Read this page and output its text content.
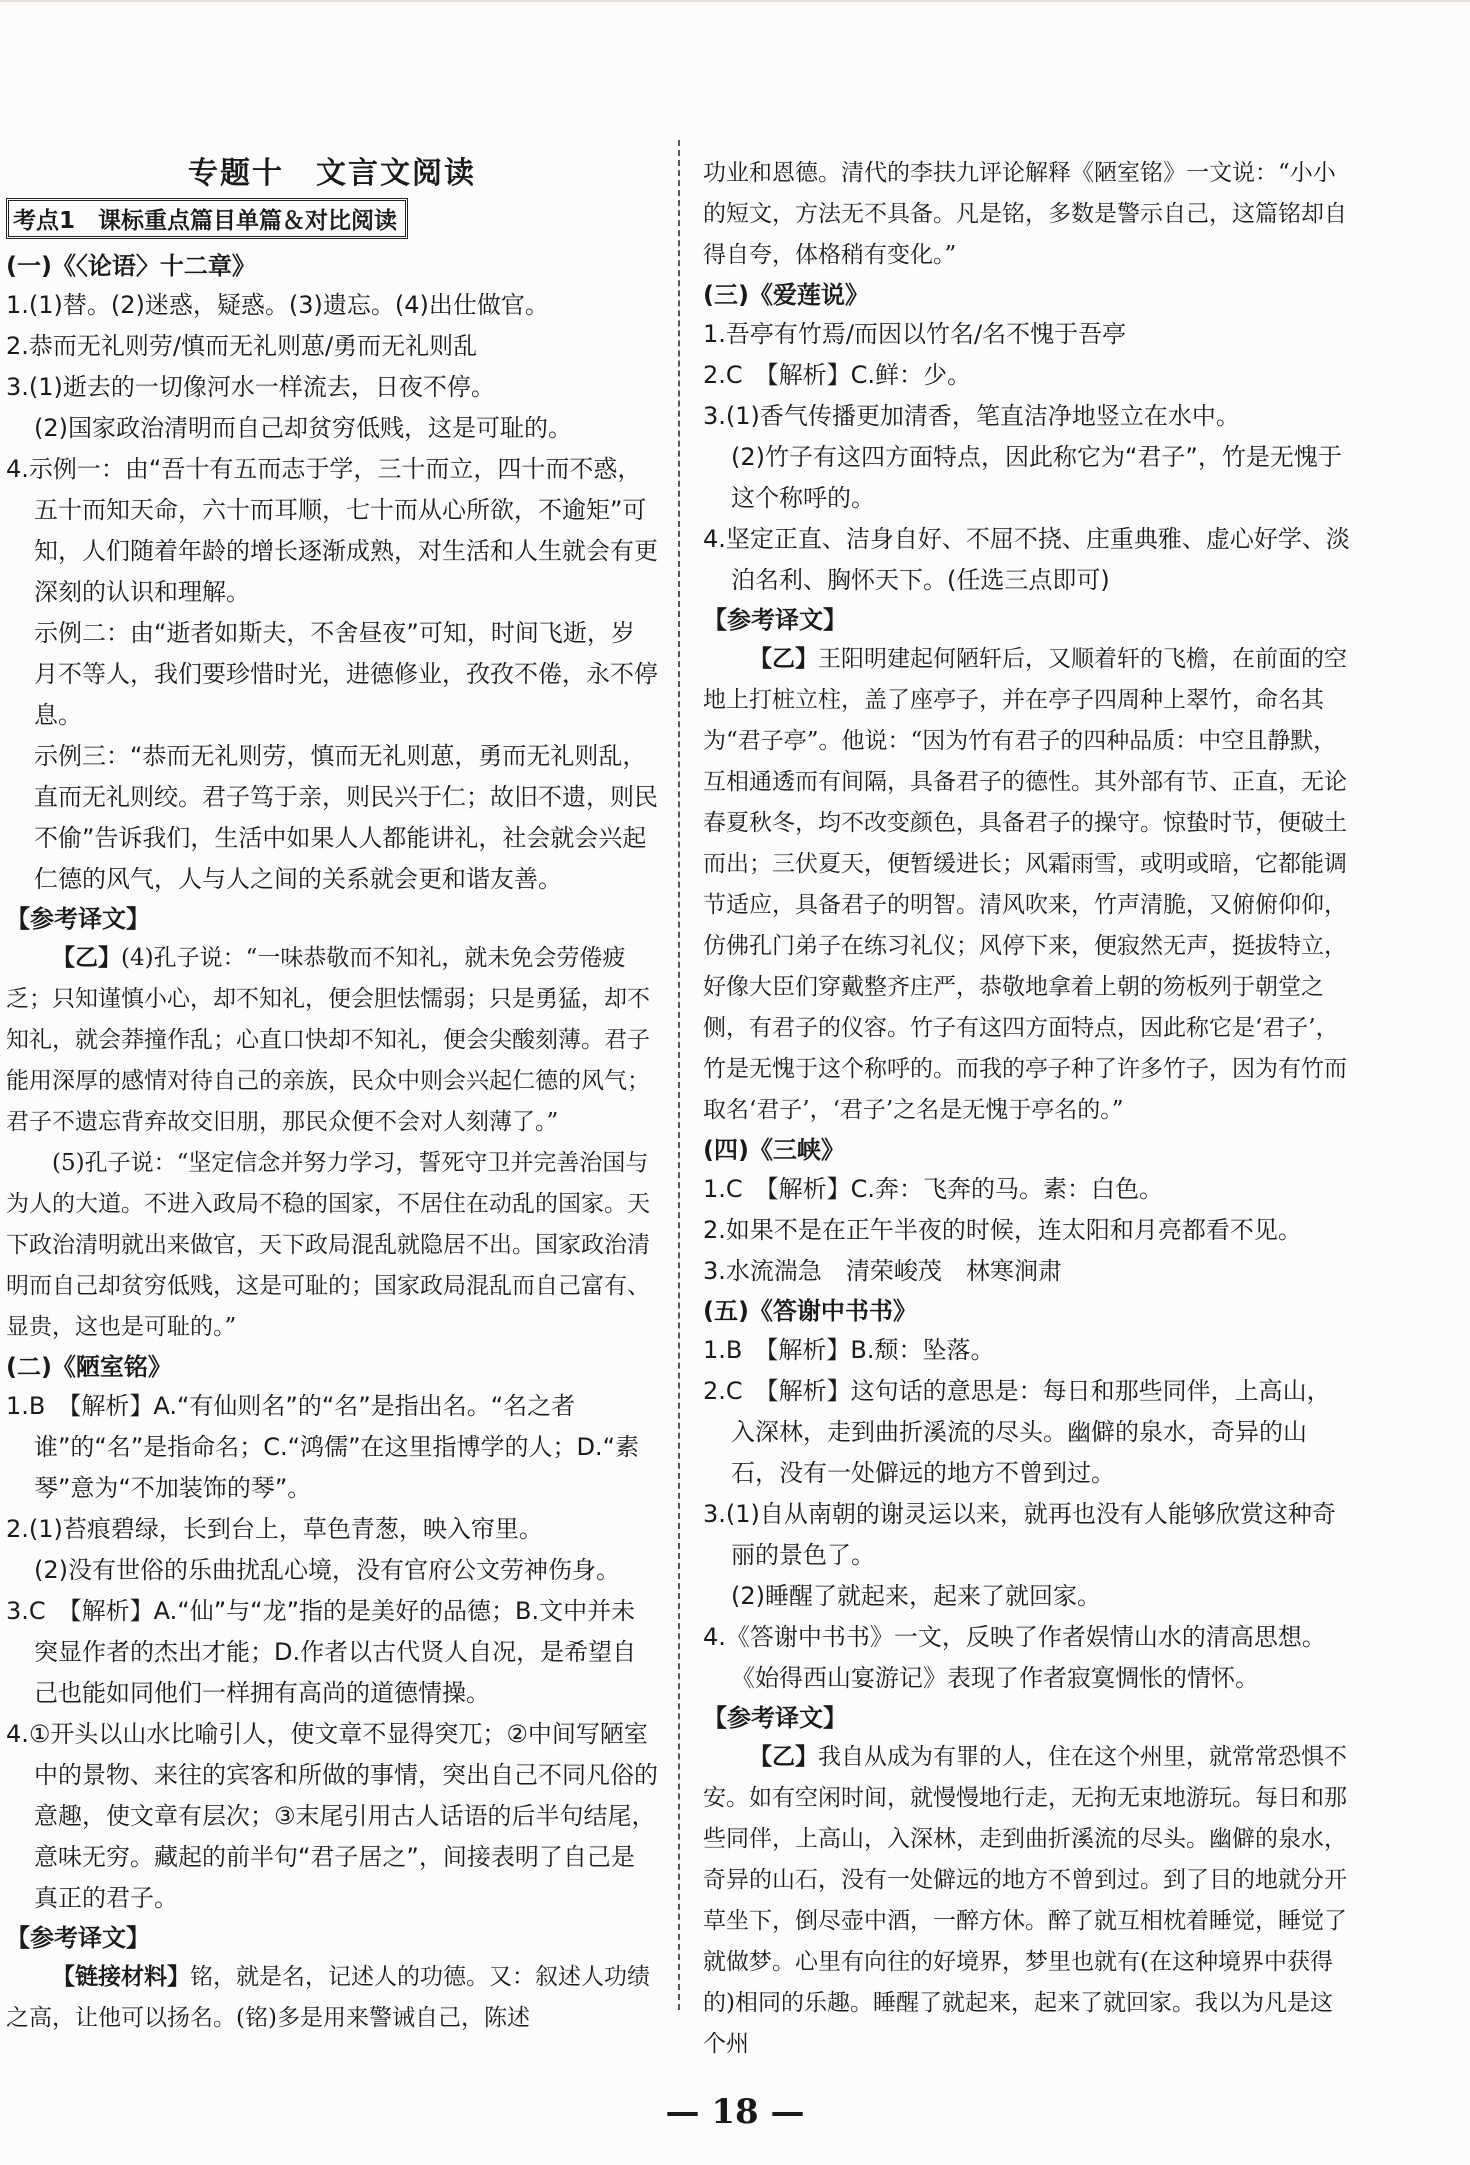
专题十　文言文阅读
考点1　课标重点篇目单篇＆对比阅读

(一)《〈论语〉十二章》

1.(1)替。(2)迷惑，疑惑。(3)遗忘。(4)出仕做官。

2.恭而无礼则劳/慎而无礼则葸/勇而无礼则乱

3.(1)逝去的一切像河水一样流去，日夜不停。

(2)国家政治清明而自己却贫穷低贱，这是可耻的。

4.示例一：由“吾十有五而志于学，三十而立，四十而不惑，五十而知天命，六十而耳顺，七十而从心所欲，不逾矩”可知，人们随着年龄的增长逐渐成熟，对生活和人生就会有更深刻的认识和理解。

示例二：由“逝者如斯夫，不舍昼夜”可知，时间飞逝，岁月不等人，我们要珍惜时光，进德修业，孜孜不倦，永不停息。

示例三：“恭而无礼则劳，慎而无礼则葸，勇而无礼则乱，直而无礼则绞。君子笃于亲，则民兴于仁；故旧不遗，则民不偷”告诉我们，生活中如果人人都能讲礼，社会就会兴起仁德的风气，人与人之间的关系就会更和谐友善。

【参考译文】

【乙】(4)孔子说：“一味恭敬而不知礼，就未免会劳倦疲乏；只知谨慎小心，却不知礼，便会胆怯懦弱；只是勇猛，却不知礼，就会莽撞作乱；心直口快却不知礼，便会尖酸刻薄。君子能用深厚的感情对待自己的亲族，民众中则会兴起仁德的风气；君子不遗忘背弃故交旧朋，那民众便不会对人刻薄了。”

(5)孔子说：“坚定信念并努力学习，誓死守卫并完善治国与为人的大道。不进入政局不稳的国家，不居住在动乱的国家。天下政治清明就出来做官，天下政局混乱就隐居不出。国家政治清明而自己却贫穷低贱，这是可耻的；国家政局混乱而自己富有、显贵，这也是可耻的。”

(二)《陋室铭》

1.B　【解析】A.“有仙则名”的“名”是指出名。“名之者谁”的“名”是指命名；C.“鸿儒”在这里指博学的人；D.“素琴”意为“不加装饰的琴”。

2.(1)苔痕碧绿，长到台上，草色青葱，映入帘里。

(2)没有世俗的乐曲扰乱心境，没有官府公文劳神伤身。

3.C　【解析】A.“仙”与“龙”指的是美好的品德；B.文中并未突显作者的杰出才能；D.作者以古代贤人自况，是希望自己也能如同他们一样拥有高尚的道德情操。

4.①开头以山水比喻引人，使文章不显得突兀；②中间写陋室中的景物、来往的宾客和所做的事情，突出自己不同凡俗的意趣，使文章有层次；③末尾引用古人话语的后半句结尾，意味无穷。藏起的前半句“君子居之”，间接表明了自己是真正的君子。

【参考译文】

【链接材料】铭，就是名，记述人的功德。又：叙述人功绩之高，让他可以扬名。(铭)多是用来警诫自己，陈述

功业和恩德。清代的李扶九评论解释《陋室铭》一文说：“小小的短文，方法无不具备。凡是铭，多数是警示自己，这篇铭却自得自夸，体格稍有变化。”

(三)《爱莲说》

1.吾亭有竹焉/而因以竹名/名不愧于吾亭

2.C　【解析】C.鲜：少。

3.(1)香气传播更加清香，笔直洁净地竖立在水中。

(2)竹子有这四方面特点，因此称它为“君子”，竹是无愧于这个称呼的。

4.坚定正直、洁身自好、不屈不挠、庄重典雅、虚心好学、淡泊名利、胸怀天下。(任选三点即可)

【参考译文】

【乙】王阳明建起何陋轩后，又顺着轩的飞檐，在前面的空地上打桩立柱，盖了座亭子，并在亭子四周种上翠竹，命名其为“君子亭”。他说：“因为竹有君子的四种品质：中空且静默，互相通透而有间隔，具备君子的德性。其外部有节、正直，无论春夏秋冬，均不改变颜色，具备君子的操守。惊蛰时节，便破土而出；三伏夏天，便暂缓进长；风霜雨雪，或明或暗，它都能调节适应，具备君子的明智。清风吹来，竹声清脆，又俯俯仰仰，仿佛孔门弟子在练习礼仪；风停下来，便寂然无声，挺拔特立，好像大臣们穿戴整齐庄严，恭敬地拿着上朝的笏板列于朝堂之侧，有君子的仪容。竹子有这四方面特点，因此称它是‘君子’，竹是无愧于这个称呼的。而我的亭子种了许多竹子，因为有竹而取名‘君子’，‘君子’之名是无愧于亭名的。”

(四)《三峡》

1.C　【解析】C.奔：飞奔的马。素：白色。

2.如果不是在正午半夜的时候，连太阳和月亮都看不见。

3.水流湍急　清荣峻茂　林寒涧肃

(五)《答谢中书书》

1.B　【解析】B.颓：坠落。

2.C　【解析】这句话的意思是：每日和那些同伴，上高山，入深林，走到曲折溪流的尽头。幽僻的泉水，奇异的山石，没有一处僻远的地方不曾到过。

3.(1)自从南朝的谢灵运以来，就再也没有人能够欣赏这种奇丽的景色了。

(2)睡醒了就起来，起来了就回家。

4.《答谢中书书》一文，反映了作者娱情山水的清高思想。《始得西山宴游记》表现了作者寂寞惆怅的情怀。

【参考译文】

【乙】我自从成为有罪的人，住在这个州里，就常常恐惧不安。如有空闲时间，就慢慢地行走，无拘无束地游玩。每日和那些同伴，上高山，入深林，走到曲折溪流的尽头。幽僻的泉水，奇异的山石，没有一处僻远的地方不曾到过。到了目的地就分开草坐下，倒尽壶中酒，一醉方休。醉了就互相枕着睡觉，睡觉了就做梦。心里有向往的好境界，梦里也就有(在这种境界中获得的)相同的乐趣。睡醒了就起来，起来了就回家。我以为凡是这个州

— 18 —
